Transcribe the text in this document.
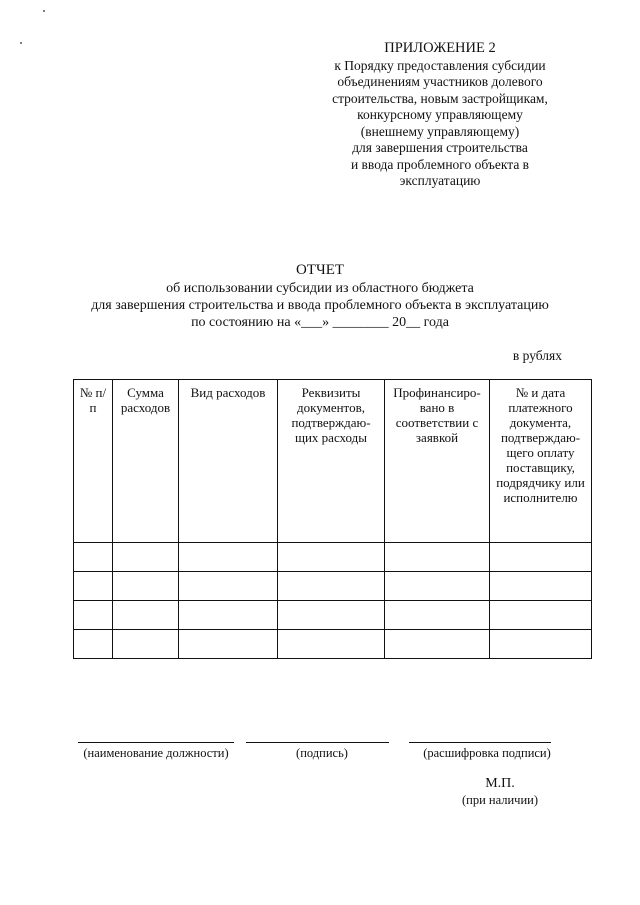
ПРИЛОЖЕНИЕ 2
к Порядку предоставления субсидии
объединениям участников долевого
строительства, новым застройщикам,
конкурсному управляющему
(внешнему управляющему)
для завершения строительства
и ввода проблемного объекта в
эксплуатацию
ОТЧЕТ
об использовании субсидии из областного бюджета
для завершения строительства и ввода проблемного объекта в эксплуатацию
по состоянию на «___» ________ 20__ года
в рублях
№ п/п	Сумма расходов	Вид расходов	Реквизиты документов, подтверждаю-щих расходы	Профинансиро-вано в соответствии с заявкой	№ и дата платежного документа, подтверждаю-щего оплату поставщику, подрядчику или исполнителю

(наименование должности)	(подпись)	(расшифровка подписи)
М.П.
(при наличии)
